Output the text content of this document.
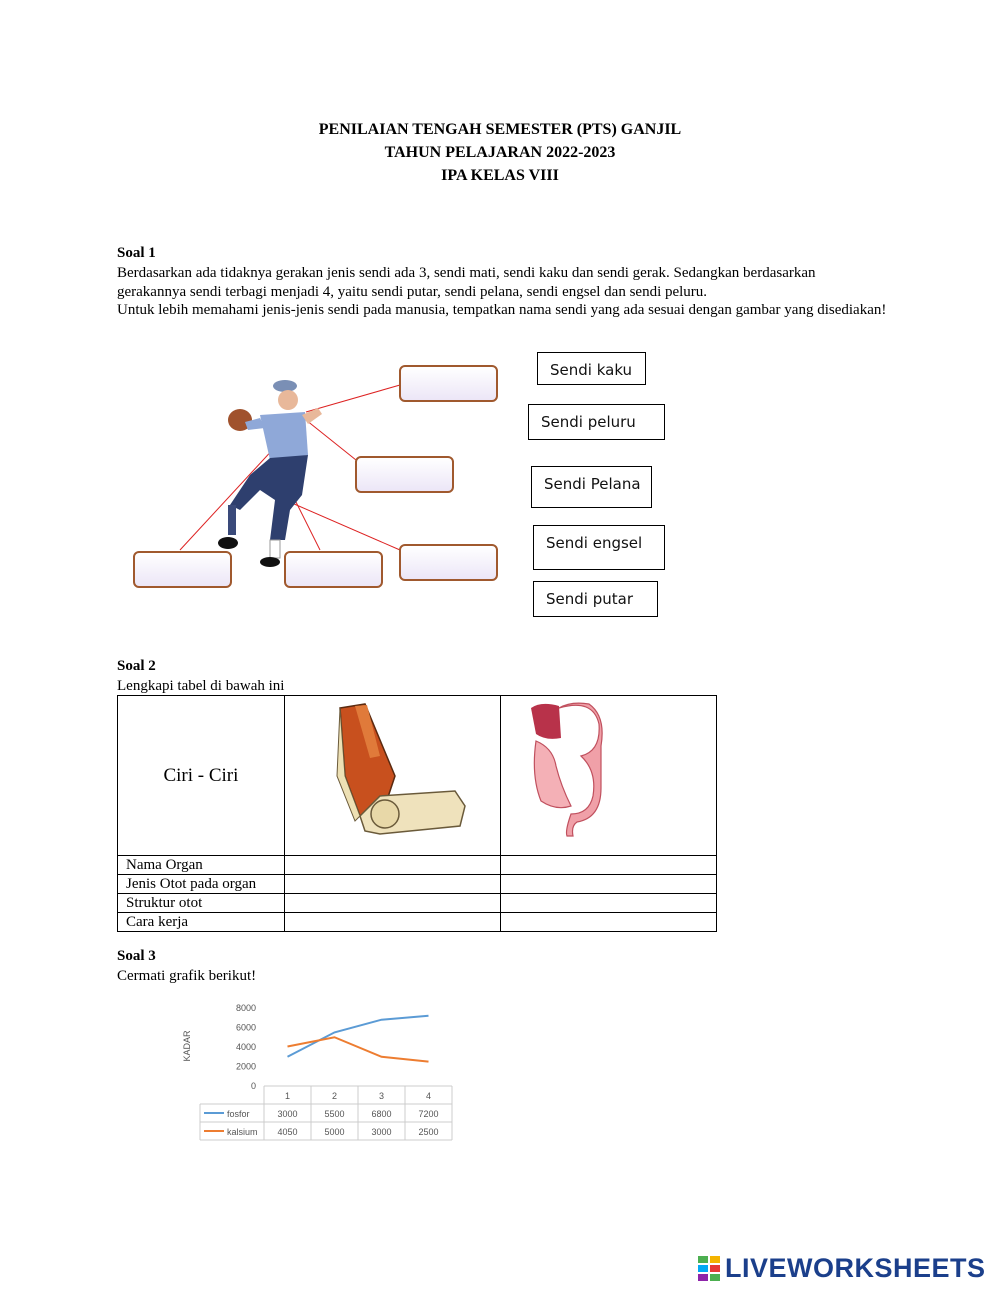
PENILAIAN TENGAH SEMESTER (PTS) GANJIL
TAHUN PELAJARAN 2022-2023
IPA KELAS VIII
Soal 1
Berdasarkan ada tidaknya gerakan jenis sendi ada 3, sendi mati, sendi kaku dan sendi gerak. Sedangkan berdasarkan gerakannya sendi terbagi menjadi 4, yaitu sendi putar, sendi pelana, sendi engsel dan sendi peluru.
Untuk lebih memahami jenis-jenis sendi pada manusia, tempatkan nama sendi yang ada sesuai dengan gambar yang disediakan!
Sendi kaku
Sendi peluru
Sendi Pelana
Sendi engsel
Sendi putar
Soal 2
Lengkapi tabel di bawah ini
Ciri - Ciri		
Nama Organ		
Jenis Otot pada organ		
Struktur otot		
Cara kerja		
Soal 3
Cermati grafik berikut!
KADAR
0
2000
4000
6000
8000
1	2	3	4
fosfor	3000	5500	6800	7200
kalsium 4050	5000	3000	2500
LIVEWORKSHEETS
